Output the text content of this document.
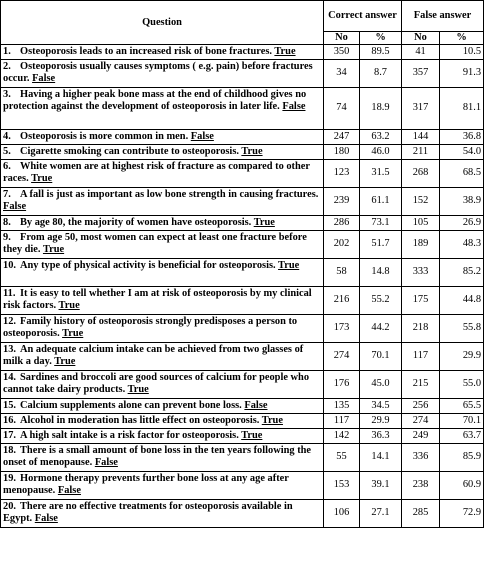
Question	Correct answer		False answer	
	No	%	No	%
1. Osteoporosis leads to an increased risk of bone fractures. True	350	89.5	41	10.5
2. Osteoporosis usually causes symptoms ( e.g. pain) before fractures occur. False	34	8.7	357	91.3
3. Having a higher peak bone mass at the end of childhood gives no protection against the development of osteoporosis in later life. False	74	18.9	317	81.1
4. Osteoporosis is more common in men. False	247	63.2	144	36.8
5. Cigarette smoking can contribute to osteoporosis. True	180	46.0	211	54.0
6. White women are at highest risk of fracture as compared to other races. True	123	31.5	268	68.5
7. A fall is just as important as low bone strength in causing fractures. False	239	61.1	152	38.9
8. By age 80, the majority of women have osteoporosis. True	286	73.1	105	26.9
9. From age 50, most women can expect at least one fracture before they die. True	202	51.7	189	48.3
10. Any type of physical activity is beneficial for osteoporosis. True	58	14.8	333	85.2
11. It is easy to tell whether I am at risk of osteoporosis by my clinical risk factors. True	216	55.2	175	44.8
12. Family history of osteoporosis strongly predisposes a person to osteoporosis. True	173	44.2	218	55.8
13. An adequate calcium intake can be achieved from two glasses of milk a day. True	274	70.1	117	29.9
14. Sardines and broccoli are good sources of calcium for people who cannot take dairy products. True	176	45.0	215	55.0
15. Calcium supplements alone can prevent bone loss. False	135	34.5	256	65.5
16. Alcohol in moderation has little effect on osteoporosis. True	117	29.9	274	70.1
17. A high salt intake is a risk factor for osteoporosis. True	142	36.3	249	63.7
18. There is a small amount of bone loss in the ten years following the onset of menopause. False	55	14.1	336	85.9
19. Hormone therapy prevents further bone loss at any age after menopause. False	153	39.1	238	60.9
20. There are no effective treatments for osteoporosis available in Egypt. False	106	27.1	285	72.9
